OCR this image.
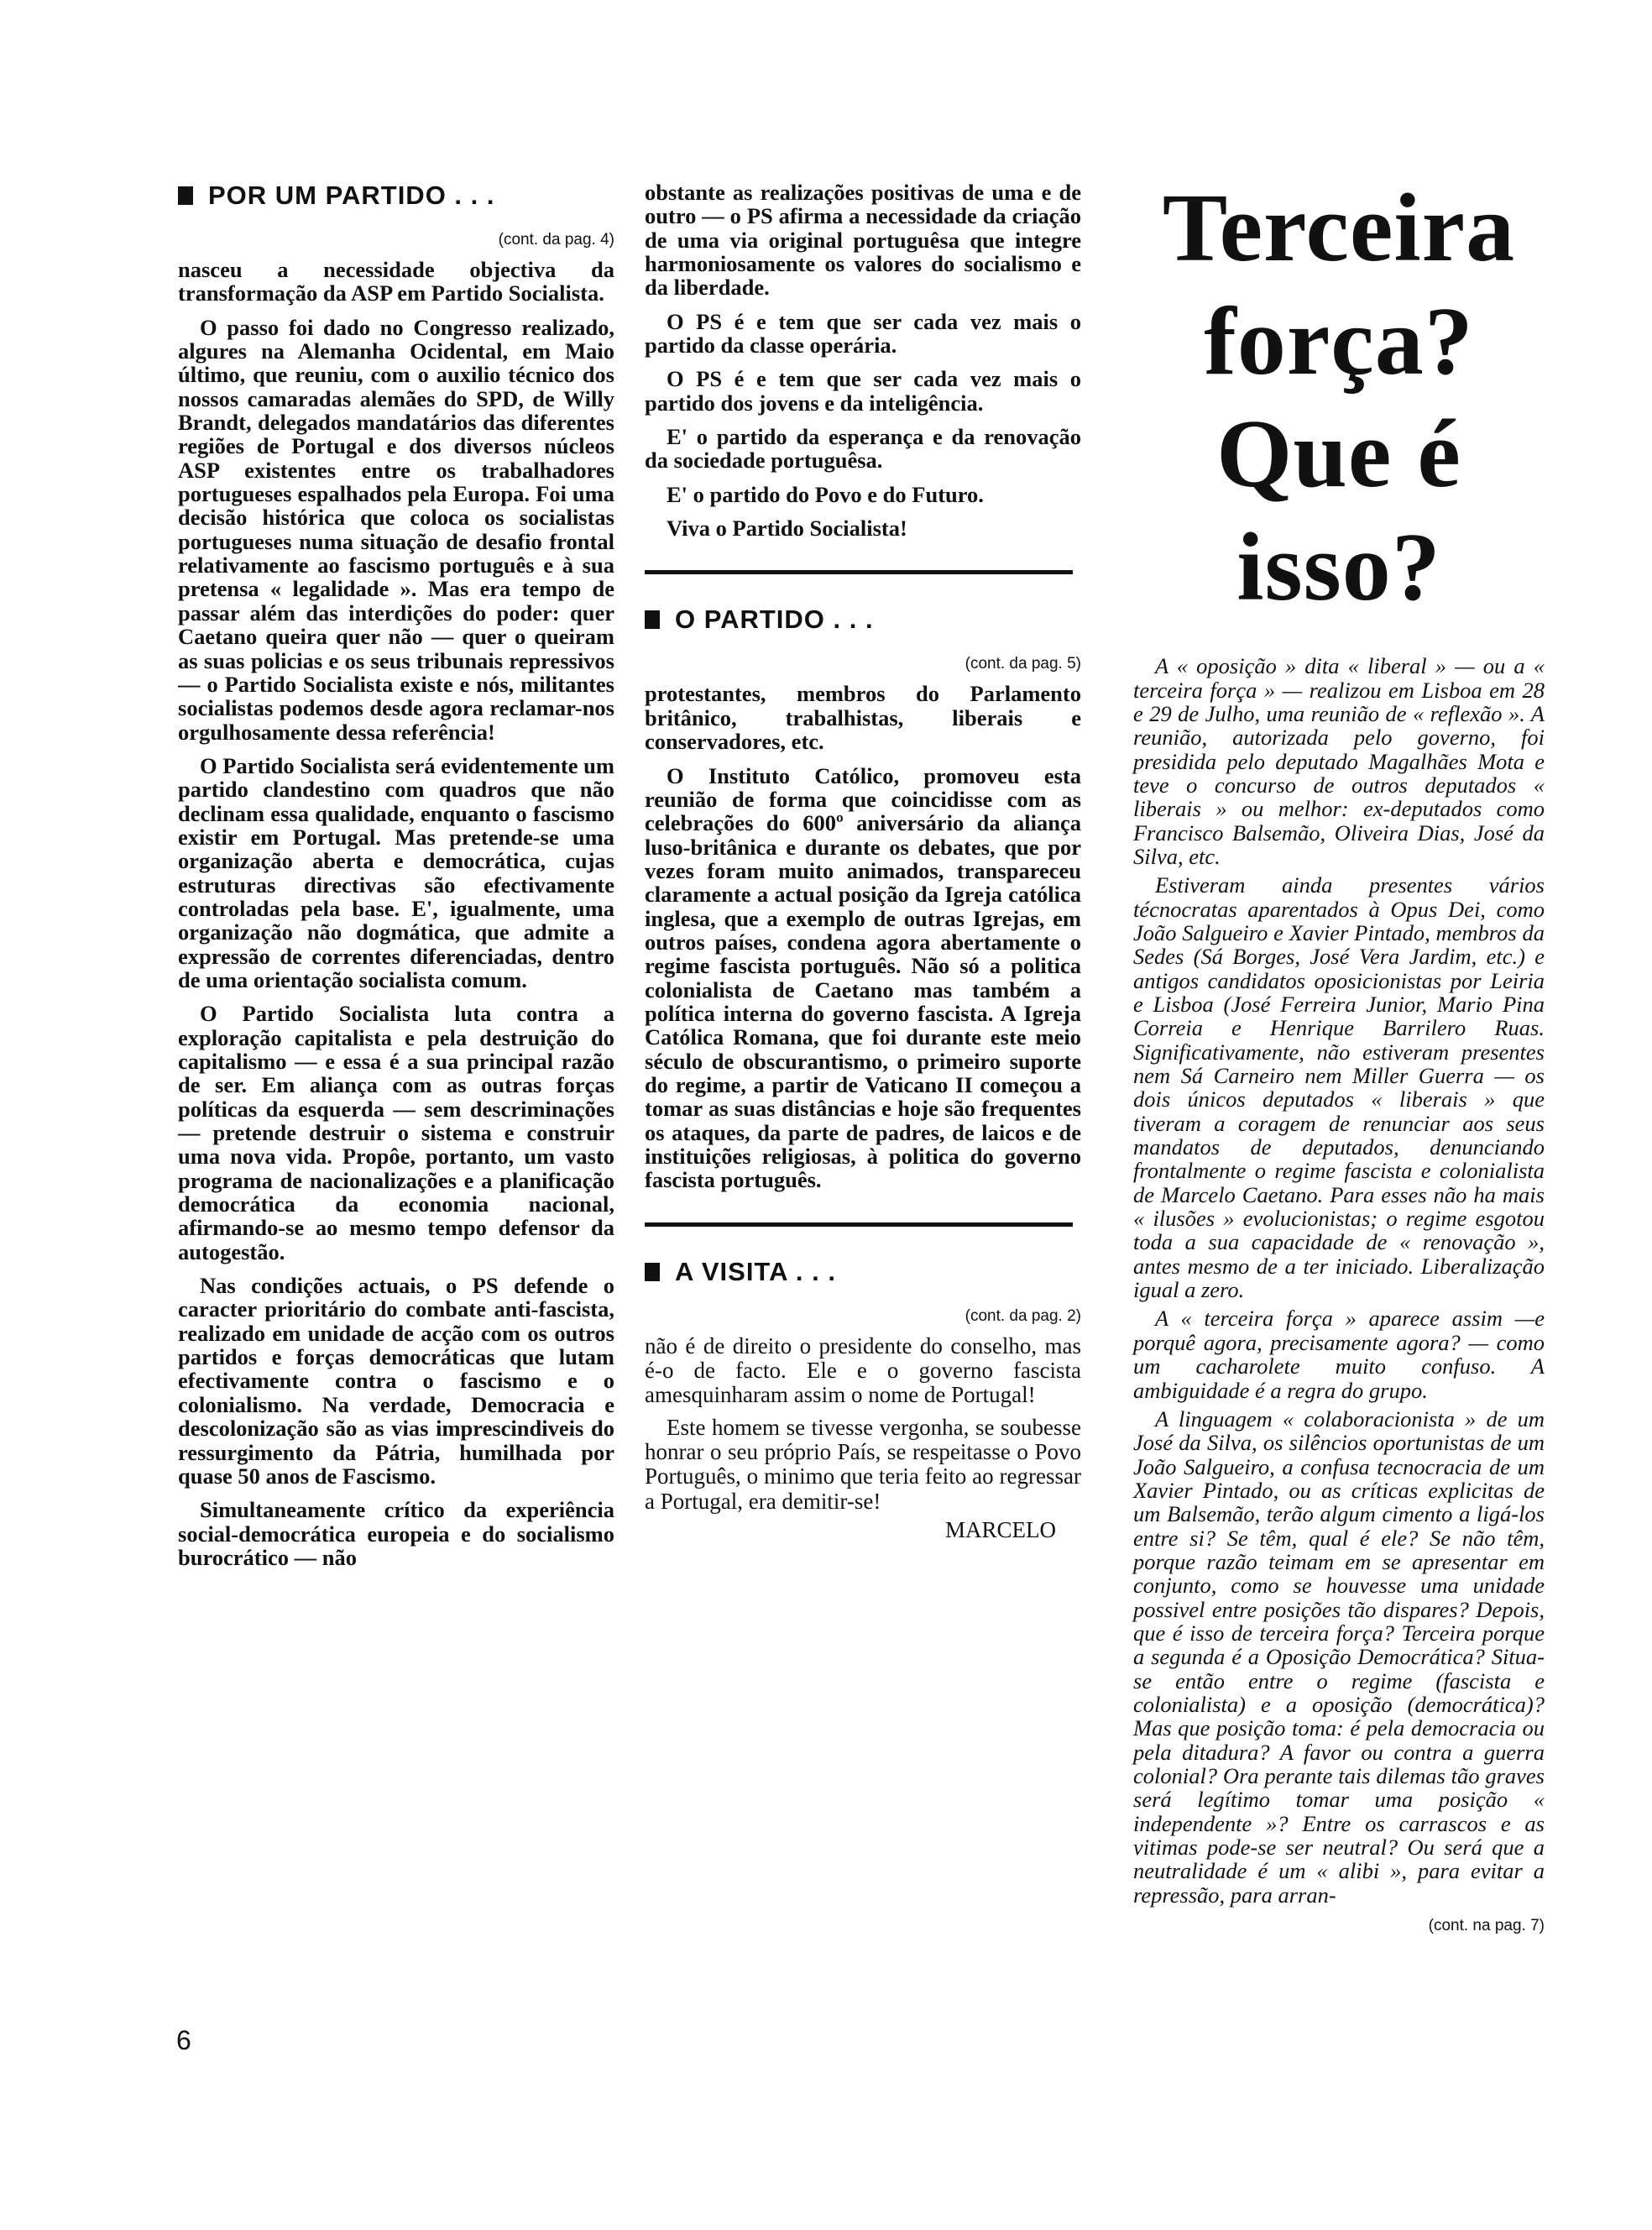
POR UM PARTIDO . . .
(cont. da pag. 4)

nasceu a necessidade objectiva da transformação da ASP em Partido Socialista.

O passo foi dado no Congresso realizado, algures na Alemanha Ocidental, em Maio último, que reuniu, com o auxilio técnico dos nossos camaradas alemães do SPD, de Willy Brandt, delegados mandatários das diferentes regiões de Portugal e dos diversos núcleos ASP existentes entre os trabalhadores portugueses espalhados pela Europa. Foi uma decisão histórica que coloca os socialistas portugueses numa situação de desafio frontal relativamente ao fascismo português e à sua pretensa « legalidade ». Mas era tempo de passar além das interdições do poder: quer Caetano queira quer não — quer o queiram as suas policias e os seus tribunais repressivos — o Partido Socialista existe e nós, militantes socialistas podemos desde agora reclamar-nos orgulhosamente dessa referência!

O Partido Socialista será evidentemente um partido clandestino com quadros que não declinam essa qualidade, enquanto o fascismo existir em Portugal. Mas pretende-se uma organização aberta e democrática, cujas estruturas directivas são efectivamente controladas pela base. E', igualmente, uma organização não dogmática, que admite a expressão de correntes diferenciadas, dentro de uma orientação socialista comum.

O Partido Socialista luta contra a exploração capitalista e pela destruição do capitalismo — e essa é a sua principal razão de ser. Em aliança com as outras forças políticas da esquerda — sem descriminações — pretende destruir o sistema e construir uma nova vida. Propôe, portanto, um vasto programa de nacionalizações e a planificação democrática da economia nacional, afirmando-se ao mesmo tempo defensor da autogestão.

Nas condições actuais, o PS defende o caracter prioritário do combate anti-fascista, realizado em unidade de acção com os outros partidos e forças democráticas que lutam efectivamente contra o fascismo e o colonialismo. Na verdade, Democracia e descolonização são as vias imprescindiveis do ressurgimento da Pátria, humilhada por quase 50 anos de Fascismo.

Simultaneamente crítico da experiência social-democrática europeia e do socialismo burocrático — não

obstante as realizações positivas de uma e de outro — o PS afirma a necessidade da criação de uma via original portuguêsa que integre harmoniosamente os valores do socialismo e da liberdade.

O PS é e tem que ser cada vez mais o partido da classe operária.

O PS é e tem que ser cada vez mais o partido dos jovens e da inteligência.

E' o partido da esperança e da renovação da sociedade portuguêsa.

E' o partido do Povo e do Futuro.

Viva o Partido Socialista!

O PARTIDO . . .
(cont. da pag. 5)

protestantes, membros do Parlamento britânico, trabalhistas, liberais e conservadores, etc.

O Instituto Católico, promoveu esta reunião de forma que coincidisse com as celebrações do 600º aniversário da aliança luso-britânica e durante os debates, que por vezes foram muito animados, transpareceu claramente a actual posição da Igreja católica inglesa, que a exemplo de outras Igrejas, em outros países, condena agora abertamente o regime fascista português. Não só a politica colonialista de Caetano mas também a política interna do governo fascista. A Igreja Católica Romana, que foi durante este meio século de obscurantismo, o primeiro suporte do regime, a partir de Vaticano II começou a tomar as suas distâncias e hoje são frequentes os ataques, da parte de padres, de laicos e de instituições religiosas, à politica do governo fascista português.

A VISITA . . .
(cont. da pag. 2)

não é de direito o presidente do conselho, mas é-o de facto. Ele e o governo fascista amesquinharam assim o nome de Portugal!

Este homem se tivesse vergonha, se soubesse honrar o seu próprio País, se respeitasse o Povo Português, o minimo que teria feito ao regressar a Portugal, era demitir-se!

MARCELO
Terceira
força?
Que é isso?

A « oposição » dita « liberal » — ou a « terceira força » — realizou em Lisboa em 28 e 29 de Julho, uma reunião de « reflexão ». A reunião, autorizada pelo governo, foi presidida pelo deputado Magalhães Mota e teve o concurso de outros deputados « liberais » ou melhor: ex-deputados como Francisco Balsemão, Oliveira Dias, José da Silva, etc.

Estiveram ainda presentes vários técnocratas aparentados à Opus Dei, como João Salgueiro e Xavier Pintado, membros da Sedes (Sá Borges, José Vera Jardim, etc.) e antigos candidatos oposicionistas por Leiria e Lisboa (José Ferreira Junior, Mario Pina Correia e Henrique Barrilero Ruas. Significativamente, não estiveram presentes nem Sá Carneiro nem Miller Guerra — os dois únicos deputados « liberais » que tiveram a coragem de renunciar aos seus mandatos de deputados, denunciando frontalmente o regime fascista e colonialista de Marcelo Caetano. Para esses não ha mais « ilusões » evolucionistas; o regime esgotou toda a sua capacidade de « renovação », antes mesmo de a ter iniciado. Liberalização igual a zero.

A « terceira força » aparece assim —e porquê agora, precisamente agora? — como um cacharolete muito confuso. A ambiguidade é a regra do grupo.

A linguagem « colaboracionista » de um José da Silva, os silêncios oportunistas de um João Salgueiro, a confusa tecnocracia de um Xavier Pintado, ou as críticas explicitas de um Balsemão, terão algum cimento a ligá-los entre si? Se têm, qual é ele? Se não têm, porque razão teimam em se apresentar em conjunto, como se houvesse uma unidade possivel entre posições tão dispares? Depois, que é isso de terceira força? Terceira porque a segunda é a Oposição Democrática? Situa-se então entre o regime (fascista e colonialista) e a oposição (democrática)? Mas que posição toma: é pela democracia ou pela ditadura? A favor ou contra a guerra colonial? Ora perante tais dilemas tão graves será legítimo tomar uma posição « independente »? Entre os carrascos e as vitimas pode-se ser neutral? Ou será que a neutralidade é um « alibi », para evitar a repressão, para arran-

(cont. na pag. 7)
6
